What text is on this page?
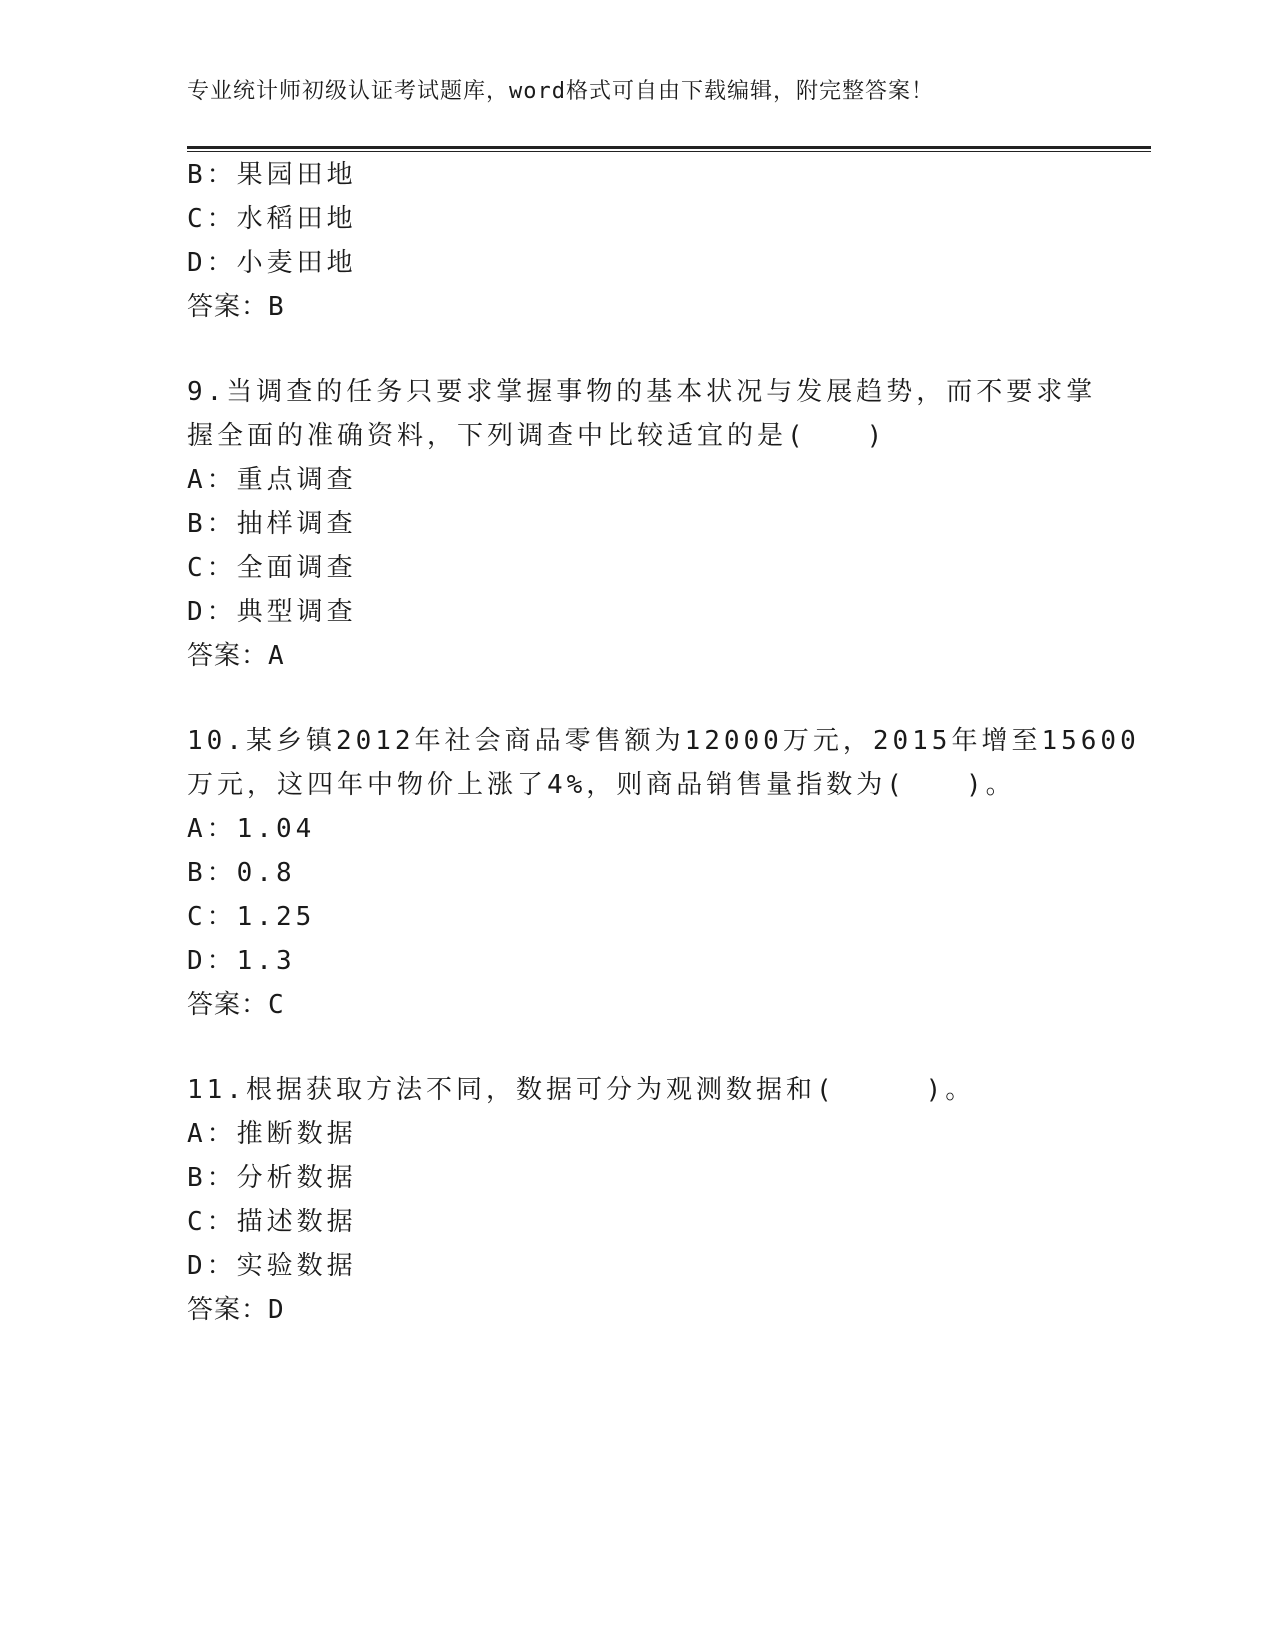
专业统计师初级认证考试题库，word格式可自由下载编辑，附完整答案！
B：果园田地
C：水稻田地
D：小麦田地
答案：B
9.当调查的任务只要求掌握事物的基本状况与发展趋势，而不要求掌
握全面的准确资料，下列调查中比较适宜的是(　　)
A：重点调查
B：抽样调查
C：全面调查
D：典型调查
答案：A
10.某乡镇2012年社会商品零售额为12000万元，2015年增至15600
万元，这四年中物价上涨了4%，则商品销售量指数为(　　)。
A：1.04
B：0.8
C：1.25
D：1.3
答案：C
11.根据获取方法不同，数据可分为观测数据和(　　　)。
A：推断数据
B：分析数据
C：描述数据
D：实验数据
答案：D
